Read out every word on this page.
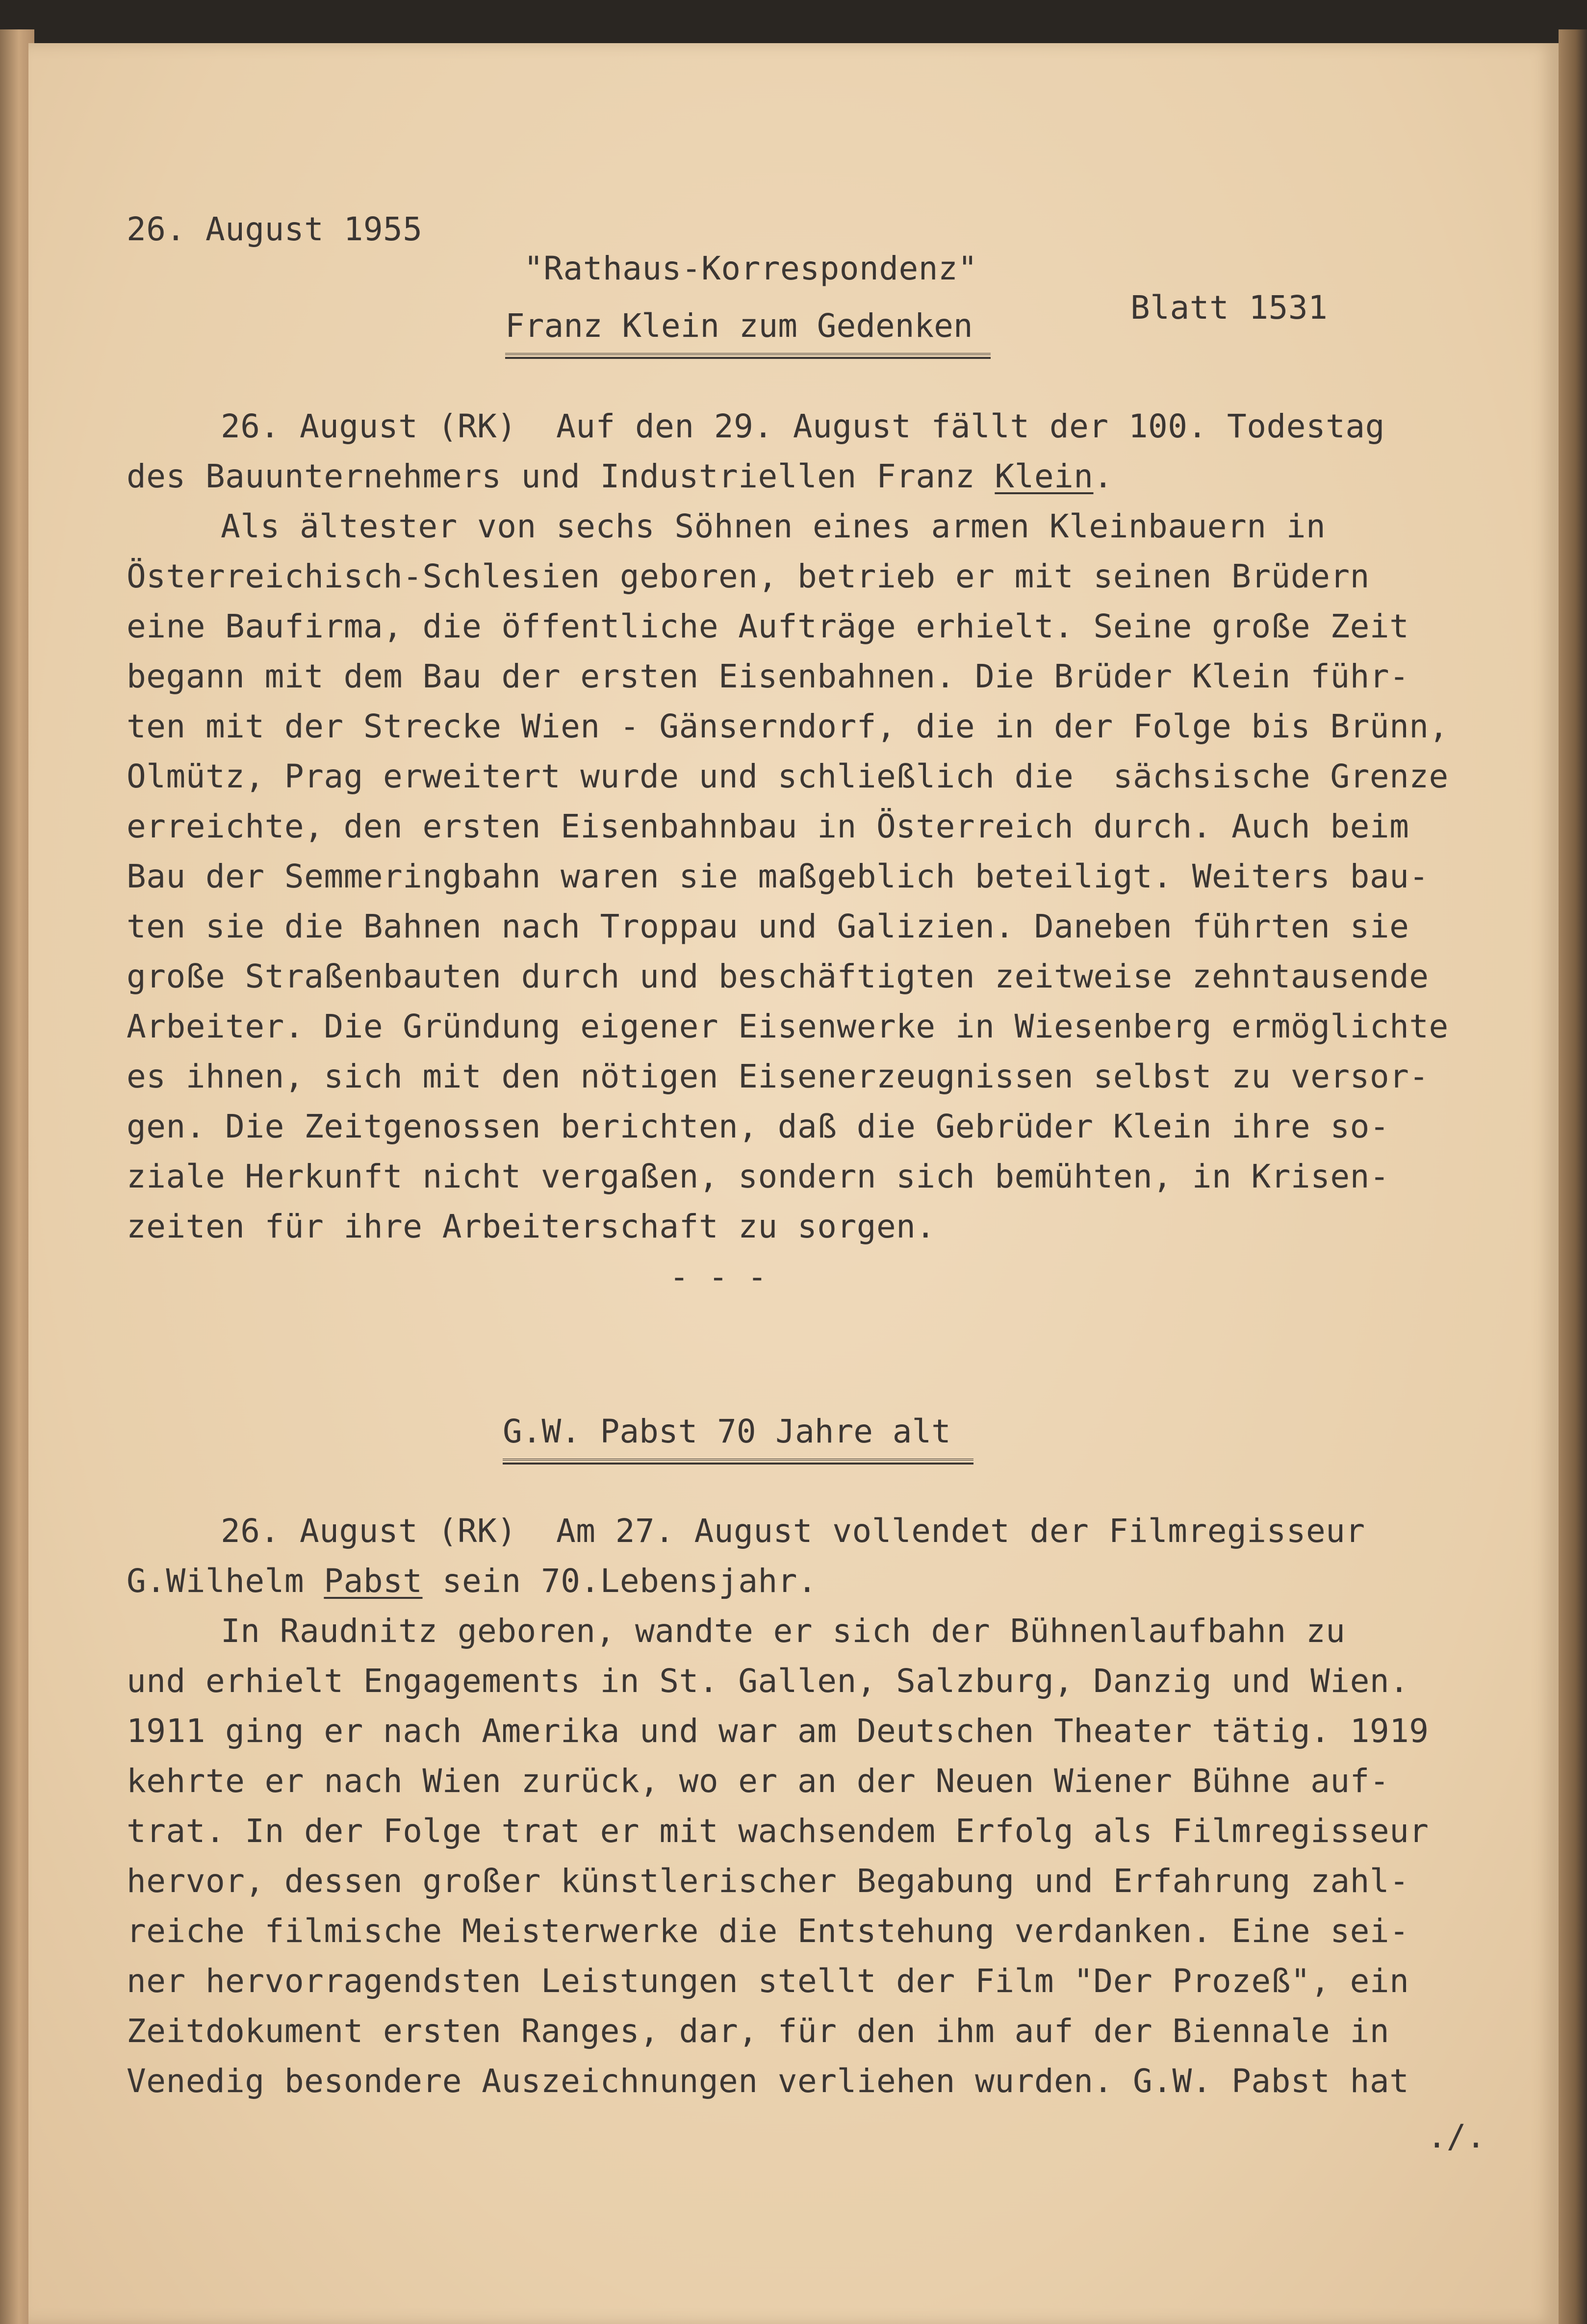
26. August 1955

"Rathaus-Korrespondenz"

Blatt 1531

Franz Klein zum Gedenken

26. August (RK)  Auf den 29. August fällt der 100. Todestag

des Bauunternehmers und Industriellen Franz Klein.

Als ältester von sechs Söhnen eines armen Kleinbauern in

Österreichisch-Schlesien geboren, betrieb er mit seinen Brüdern

eine Baufirma, die öffentliche Aufträge erhielt. Seine große Zeit

begann mit dem Bau der ersten Eisenbahnen. Die Brüder Klein führ-

ten mit der Strecke Wien - Gänserndorf, die in der Folge bis Brünn,

Olmütz, Prag erweitert wurde und schließlich die  sächsische Grenze

erreichte, den ersten Eisenbahnbau in Österreich durch. Auch beim

Bau der Semmeringbahn waren sie maßgeblich beteiligt. Weiters bau-

ten sie die Bahnen nach Troppau und Galizien. Daneben führten sie

große Straßenbauten durch und beschäftigten zeitweise zehntausende

Arbeiter. Die Gründung eigener Eisenwerke in Wiesenberg ermöglichte

es ihnen, sich mit den nötigen Eisenerzeugnissen selbst zu versor-

gen. Die Zeitgenossen berichten, daß die Gebrüder Klein ihre so-

ziale Herkunft nicht vergaßen, sondern sich bemühten, in Krisen-

zeiten für ihre Arbeiterschaft zu sorgen.

- - -
G.W. Pabst 70 Jahre alt

26. August (RK)  Am 27. August vollendet der Filmregisseur

G.Wilhelm Pabst sein 70.Lebensjahr.

In Raudnitz geboren, wandte er sich der Bühnenlaufbahn zu

und erhielt Engagements in St. Gallen, Salzburg, Danzig und Wien.

1911 ging er nach Amerika und war am Deutschen Theater tätig. 1919

kehrte er nach Wien zurück, wo er an der Neuen Wiener Bühne auf-

trat. In der Folge trat er mit wachsendem Erfolg als Filmregisseur

hervor, dessen großer künstlerischer Begabung und Erfahrung zahl-

reiche filmische Meisterwerke die Entstehung verdanken. Eine sei-

ner hervorragendsten Leistungen stellt der Film "Der Prozeß", ein

Zeitdokument ersten Ranges, dar, für den ihm auf der Biennale in

Venedig besondere Auszeichnungen verliehen wurden. G.W. Pabst hat

./.
